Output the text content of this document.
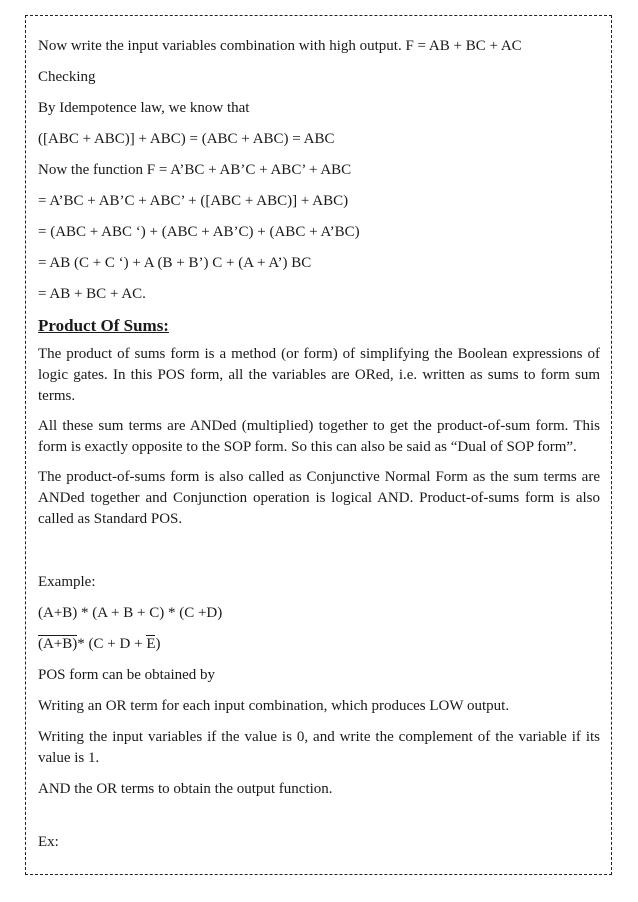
Now write the input variables combination with high output. F = AB + BC + AC

Checking

By Idempotence law, we know that

([ABC + ABC)] + ABC) = (ABC + ABC) = ABC

Now the function F = A’BC + AB’C + ABC’ + ABC

= A’BC + AB’C + ABC’ + ([ABC + ABC)] + ABC)

= (ABC + ABC ‘) + (ABC + AB’C) + (ABC + A’BC)

= AB (C + C ‘) + A (B + B’) C + (A + A’) BC

= AB + BC + AC.

Product Of Sums:

The product of sums form is a method (or form) of simplifying the Boolean expressions of logic gates. In this POS form, all the variables are ORed, i.e. written as sums to form sum terms.

All these sum terms are ANDed (multiplied) together to get the product-of-sum form. This form is exactly opposite to the SOP form. So this can also be said as “Dual of SOP form”.

The product-of-sums form is also called as Conjunctive Normal Form as the sum terms are ANDed together and Conjunction operation is logical AND. Product-of-sums form is also called as Standard POS.

Example:

(A+B) * (A + B + C) * (C +D)

(A+B)* (C + D + E)

POS form can be obtained by

Writing an OR term for each input combination, which produces LOW output.

Writing the input variables if the value is 0, and write the complement of the variable if its value is 1.

AND the OR terms to obtain the output function.

Ex:
